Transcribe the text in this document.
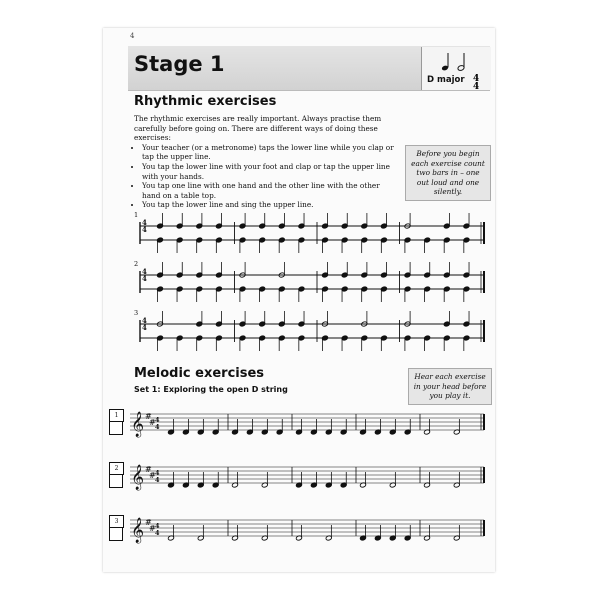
4
Stage 1
D major 4
4
Rhythmic exercises
The rhythmic exercises are really important. Always practise them carefully before going on. There are different ways of doing these exercises:
• Your teacher (or a metronome) taps the lower line while you clap or tap the upper line.
• You tap the lower line with your foot and clap or tap the upper line with your hands.
• You tap one line with one hand and the other line with the other hand on a table top.
• You tap the lower line and sing the upper line.
Before you begin each exercise count two bars in – one out loud and one silently.
1
2
3
Melodic exercises
Set 1: Exploring the open D string
Hear each exercise in your head before you play it.
1
2
3
4
4
4
4
4
4
𝄞 #
# 4
4
𝄞 #
# 4
4
𝄞 #
# 4
4
